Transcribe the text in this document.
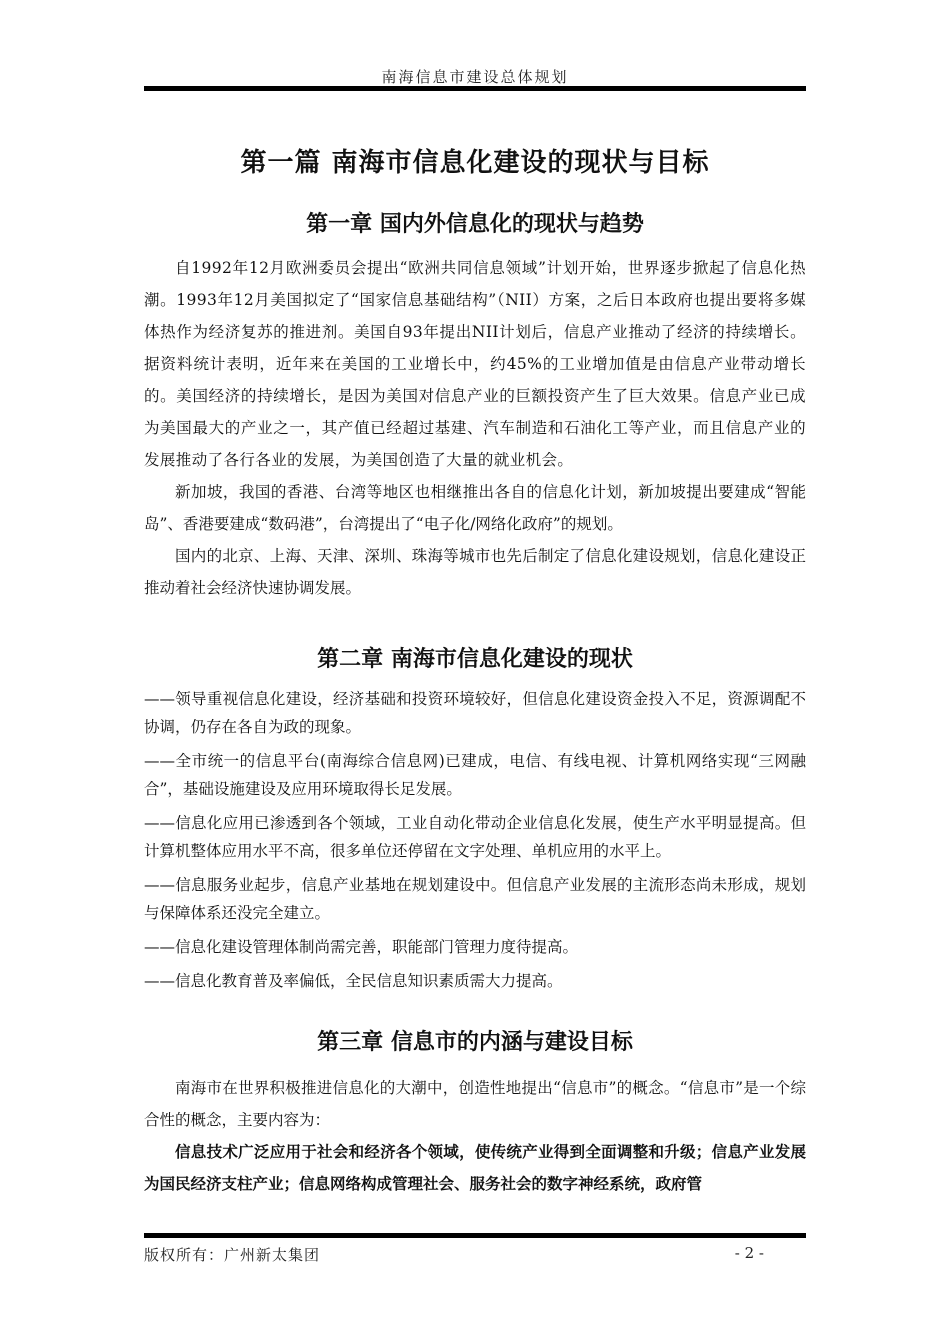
南海信息市建设总体规划
第一篇 南海市信息化建设的现状与目标
第一章 国内外信息化的现状与趋势

自1992年12月欧洲委员会提出“欧洲共同信息领域”计划开始，世界逐步掀起了信息化热潮。1993年12月美国拟定了“国家信息基础结构”（NII）方案，之后日本政府也提出要将多媒体热作为经济复苏的推进剂。美国自93年提出NII计划后，信息产业推动了经济的持续增长。据资料统计表明，近年来在美国的工业增长中，约45%的工业增加值是由信息产业带动增长的。美国经济的持续增长，是因为美国对信息产业的巨额投资产生了巨大效果。信息产业已成为美国最大的产业之一，其产值已经超过基建、汽车制造和石油化工等产业，而且信息产业的发展推动了各行各业的发展，为美国创造了大量的就业机会。

新加坡，我国的香港、台湾等地区也相继推出各自的信息化计划，新加坡提出要建成“智能岛”、香港要建成“数码港”，台湾提出了“电子化/网络化政府”的规划。

国内的北京、上海、天津、深圳、珠海等城市也先后制定了信息化建设规划，信息化建设正推动着社会经济快速协调发展。

第二章 南海市信息化建设的现状
——领导重视信息化建设，经济基础和投资环境较好，但信息化建设资金投入不足，资源调配不协调，仍存在各自为政的现象。
——全市统一的信息平台(南海综合信息网)已建成，电信、有线电视、计算机网络实现“三网融合”，基础设施建设及应用环境取得长足发展。
——信息化应用已渗透到各个领域，工业自动化带动企业信息化发展，使生产水平明显提高。但计算机整体应用水平不高，很多单位还停留在文字处理、单机应用的水平上。
——信息服务业起步，信息产业基地在规划建设中。但信息产业发展的主流形态尚未形成，规划与保障体系还没完全建立。
——信息化建设管理体制尚需完善，职能部门管理力度待提高。
——信息化教育普及率偏低，全民信息知识素质需大力提高。
第三章 信息市的内涵与建设目标

南海市在世界积极推进信息化的大潮中，创造性地提出“信息市”的概念。“信息市”是一个综合性的概念，主要内容为：

信息技术广泛应用于社会和经济各个领域，使传统产业得到全面调整和升级；信息产业发展为国民经济支柱产业；信息网络构成管理社会、服务社会的数字神经系统，政府管

版权所有：广州新太集团	- 2 -
